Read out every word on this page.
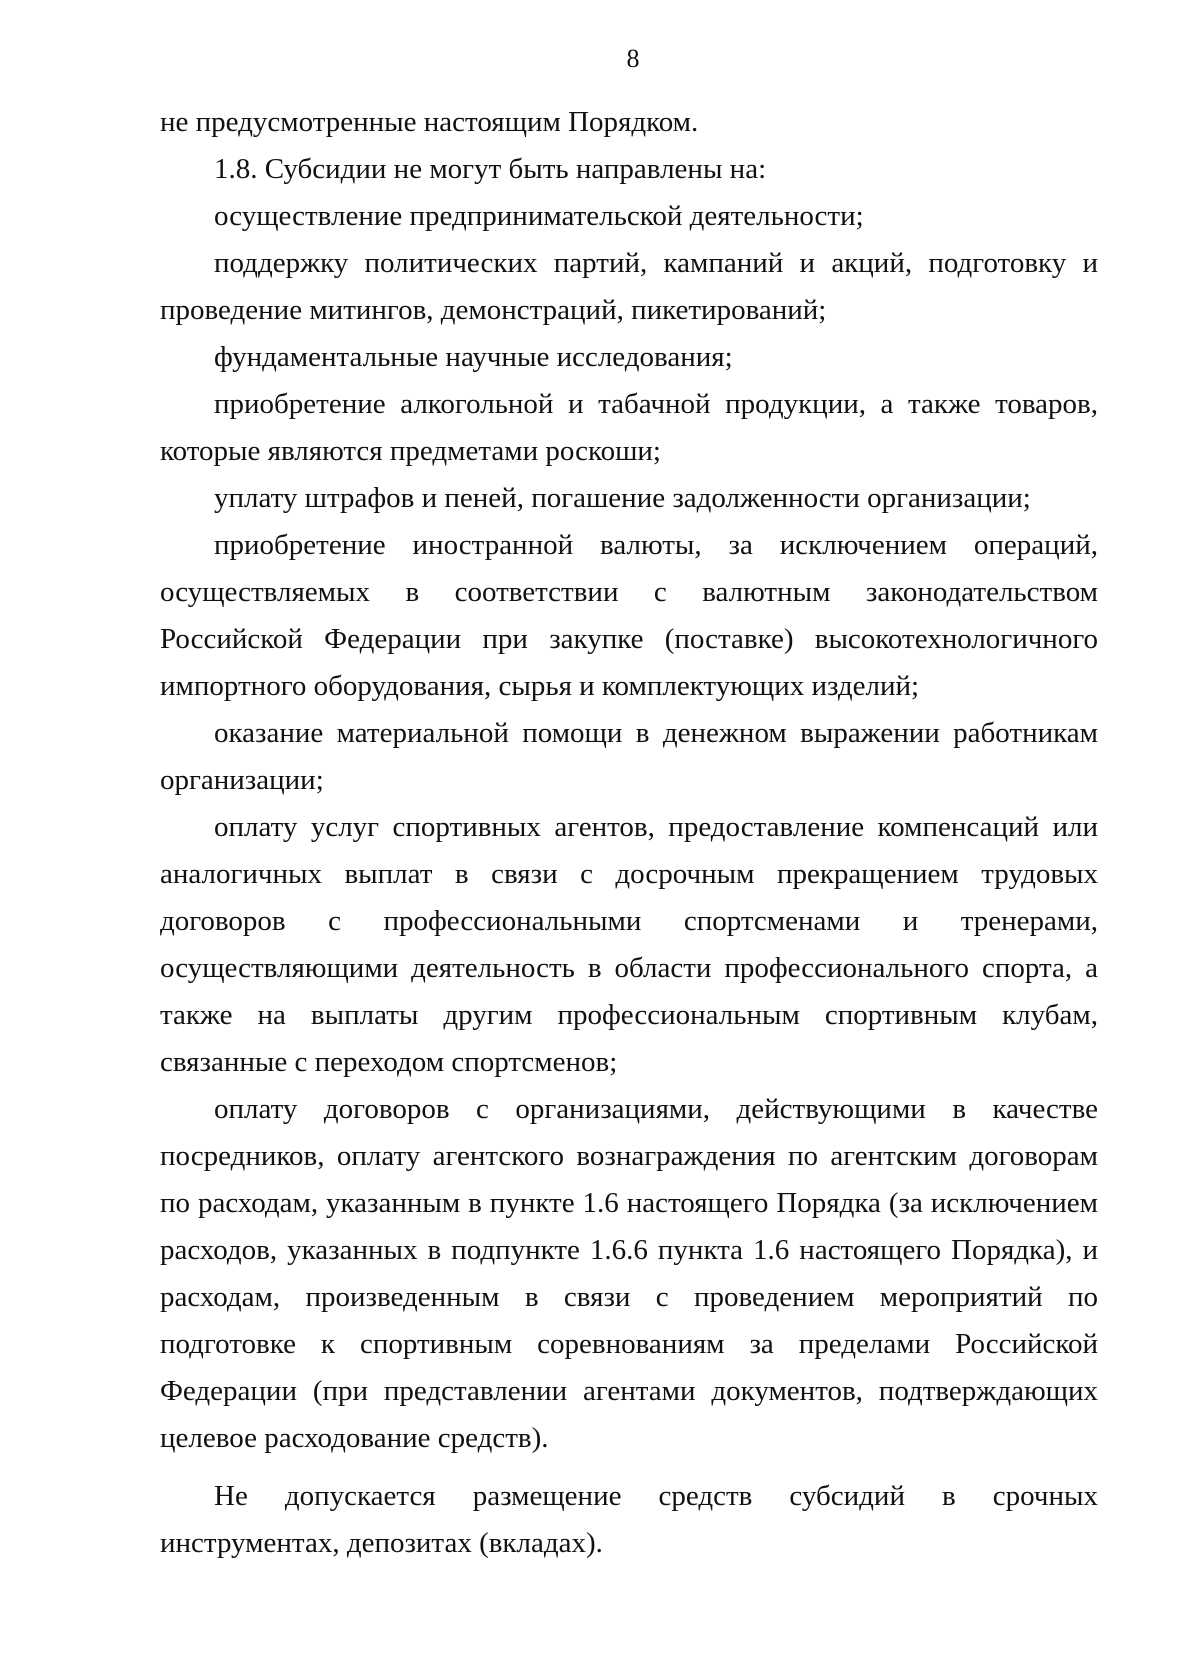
8

не предусмотренные настоящим Порядком.

1.8. Субсидии не могут быть направлены на:

осуществление предпринимательской деятельности;

поддержку политических партий, кампаний и акций, подготовку и проведение митингов, демонстраций, пикетирований;

фундаментальные научные исследования;

приобретение алкогольной и табачной продукции, а также товаров, которые являются предметами роскоши;

уплату штрафов и пеней, погашение задолженности организации;

приобретение иностранной валюты, за исключением операций, осуществляемых в соответствии с валютным законодательством Российской Федерации при закупке (поставке) высокотехнологичного импортного оборудования, сырья и комплектующих изделий;

оказание материальной помощи в денежном выражении работникам организации;

оплату услуг спортивных агентов, предоставление компенсаций или аналогичных выплат в связи с досрочным прекращением трудовых договоров с профессиональными спортсменами и тренерами, осуществляющими деятельность в области профессионального спорта, а также на выплаты другим профессиональным спортивным клубам, связанные с переходом спортсменов;

оплату договоров с организациями, действующими в качестве посредников, оплату агентского вознаграждения по агентским договорам по расходам, указанным в пункте 1.6 настоящего Порядка (за исключением расходов, указанных в подпункте 1.6.6 пункта 1.6 настоящего Порядка), и расходам, произведенным в связи с проведением мероприятий по подготовке к спортивным соревнованиям за пределами Российской Федерации (при представлении агентами документов, подтверждающих целевое расходование средств).

Не допускается размещение средств субсидий в срочных инструментах, депозитах (вкладах).
